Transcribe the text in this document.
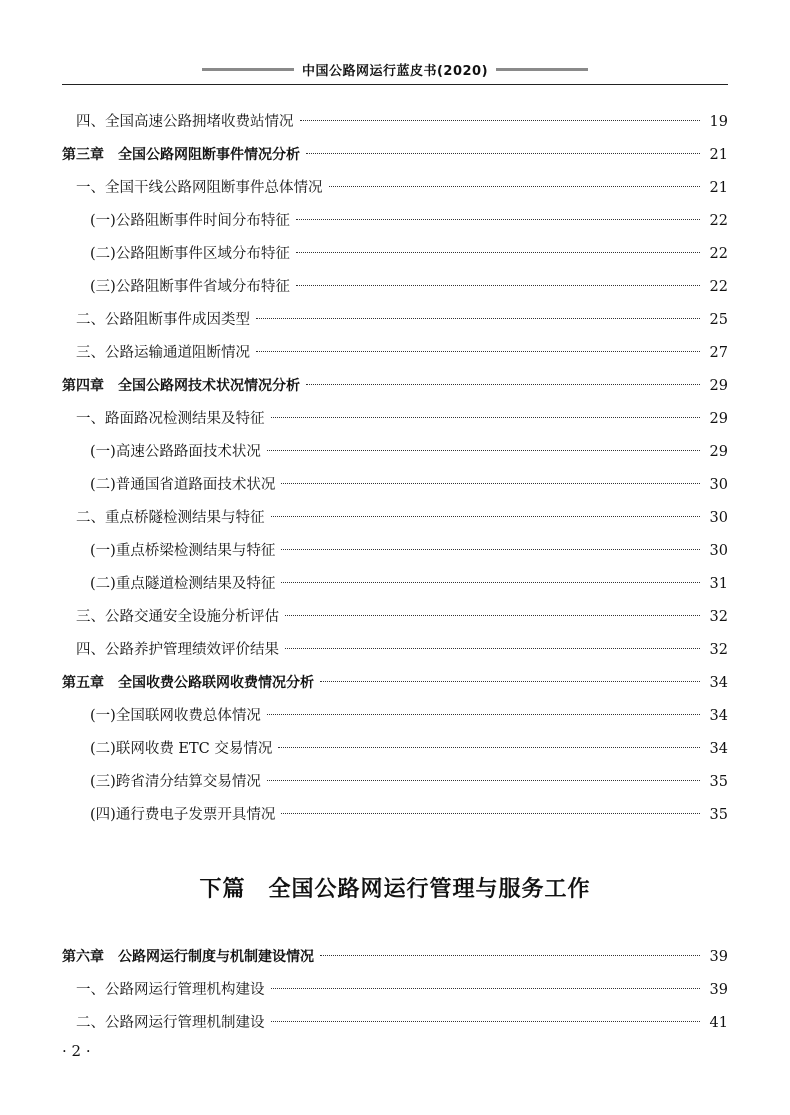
中国公路网运行蓝皮书(2020)
四、全国高速公路拥堵收费站情况	19
第三章　全国公路网阻断事件情况分析	21
一、全国干线公路网阻断事件总体情况	21
(一)公路阻断事件时间分布特征	22
(二)公路阻断事件区域分布特征	22
(三)公路阻断事件省域分布特征	22
二、公路阻断事件成因类型	25
三、公路运输通道阻断情况	27
第四章　全国公路网技术状况情况分析	29
一、路面路况检测结果及特征	29
(一)高速公路路面技术状况	29
(二)普通国省道路面技术状况	30
二、重点桥隧检测结果与特征	30
(一)重点桥梁检测结果与特征	30
(二)重点隧道检测结果及特征	31
三、公路交通安全设施分析评估	32
四、公路养护管理绩效评价结果	32
第五章　全国收费公路联网收费情况分析	34
(一)全国联网收费总体情况	34
(二)联网收费 ETC 交易情况	34
(三)跨省清分结算交易情况	35
(四)通行费电子发票开具情况	35
下篇　全国公路网运行管理与服务工作
第六章　公路网运行制度与机制建设情况	39
一、公路网运行管理机构建设	39
二、公路网运行管理机制建设	41
· 2 ·
